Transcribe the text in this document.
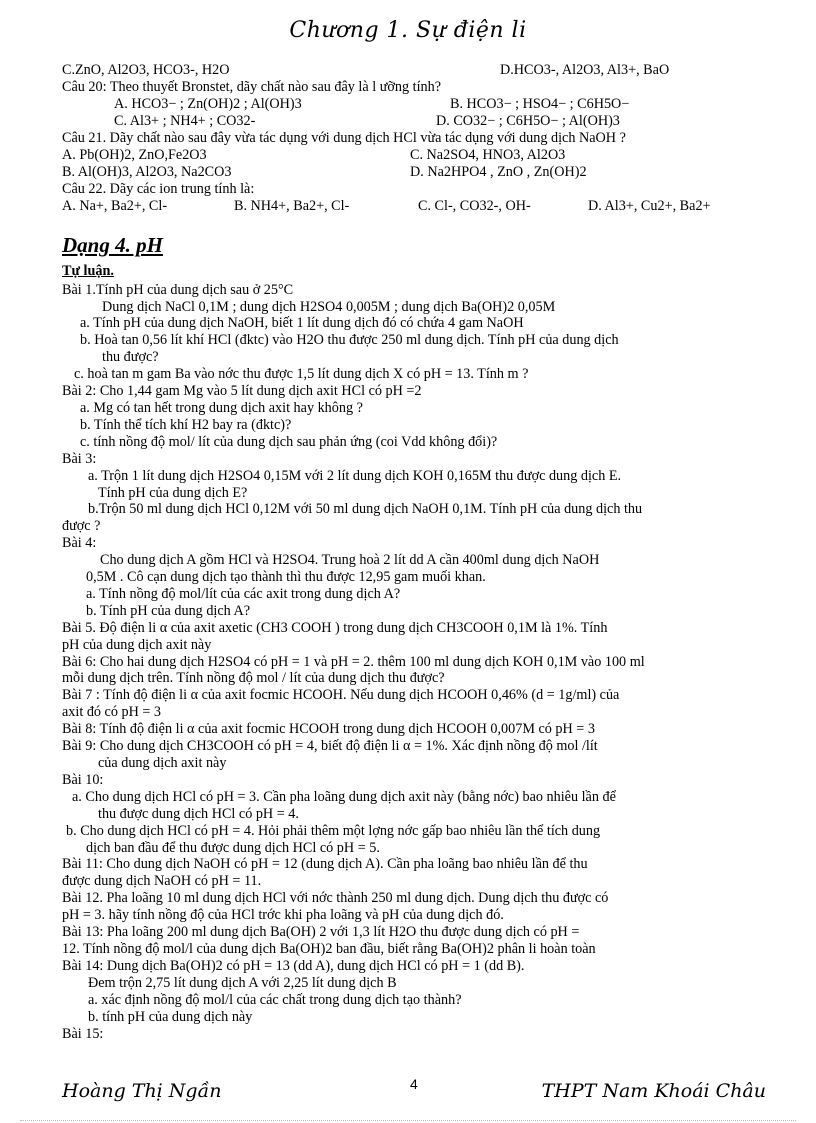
Chương 1. Sự điện li
C.ZnO, Al2O3, HCO3-, H2O	D.HCO3-, Al2O3, Al3+, BaO
Câu 20: Theo thuyết Bronstet, dãy chất nào sau đây là l ưỡng tính?
A. HCO3− ; Zn(OH)2 ; Al(OH)3	B. HCO3− ; HSO4− ; C6H5O−
C. Al3+ ; NH4+ ; CO32-	D. CO32− ; C6H5O− ; Al(OH)3
Câu 21. Dãy chất nào sau đây vừa tác dụng với dung dịch HCl vừa tác dụng với dung dịch NaOH ?
A. Pb(OH)2, ZnO,Fe2O3	C. Na2SO4, HNO3, Al2O3
B. Al(OH)3, Al2O3, Na2CO3	D. Na2HPO4 , ZnO , Zn(OH)2
Câu 22. Dãy các ion trung tính là:
A. Na+, Ba2+, Cl-	B. NH4+, Ba2+, Cl-	C. Cl-, CO32-, OH-	D. Al3+, Cu2+, Ba2+
Dạng 4. pH
Tự luận.
Bài 1.Tính pH của dung dịch sau ở 25°C
Dung dịch NaCl 0,1M ; dung dịch H2SO4 0,005M ; dung dịch Ba(OH)2 0,05M
a. Tính pH của dung dịch NaOH, biết 1 lít dung dịch đó có chứa 4 gam NaOH
b. Hoà tan 0,56 lít khí HCl (đktc) vào H2O thu được 250 ml dung dịch. Tính pH của dung dịch
thu được?
c. hoà tan m gam Ba vào nớc thu được 1,5 lít dung dịch X có pH = 13. Tính m ?
Bài 2: Cho 1,44 gam Mg vào 5 lít dung dịch axit HCl có pH =2
a. Mg có tan hết trong dung dịch axit hay không ?
b. Tính thể tích khí H2 bay ra (đktc)?
c. tính nồng độ mol/ lít của dung dịch sau phản ứng (coi Vdd không đổi)?
Bài 3:
a. Trộn 1 lít dung dịch H2SO4 0,15M với 2 lít dung dịch KOH 0,165M thu được dung dịch E.
Tính pH của dung dịch E?
b.Trộn 50 ml dung dịch HCl 0,12M với 50 ml dung dịch NaOH 0,1M. Tính pH của dung dịch thu
được ?
Bài 4:
Cho dung dịch A gồm HCl và H2SO4. Trung hoà 2 lít dd A cần 400ml dung dịch NaOH
0,5M . Cô cạn dung dịch tạo thành thì thu được 12,95 gam muối khan.
a. Tính nồng độ mol/lít của các axit trong dung dịch A?
b. Tính pH của dung dịch A?
Bài 5. Độ điện li α của axit axetic (CH3 COOH ) trong dung dịch CH3COOH 0,1M là 1%. Tính
pH của dung dịch axit này
Bài 6: Cho hai dung dịch H2SO4 có pH = 1 và pH = 2. thêm 100 ml dung dịch KOH 0,1M vào 100 ml
mỗi dung dịch trên. Tính nồng độ mol / lít của dung dịch thu được?
Bài 7 : Tính độ điện li α của axit focmic HCOOH. Nếu dung dịch HCOOH 0,46% (d = 1g/ml) của
axit đó có pH = 3
Bài 8: Tính độ điện li α của axit focmic HCOOH trong dung dịch HCOOH 0,007M có pH = 3
Bài 9: Cho dung dịch CH3COOH có pH = 4, biết độ điện li α = 1%. Xác định nồng độ mol /lít
của dung dịch axit này
Bài 10:
a. Cho dung dịch HCl có pH = 3. Cần pha loãng dung dịch axit này (bằng nớc) bao nhiêu lần để
thu được dung dịch HCl có pH = 4.
b. Cho dung dịch HCl có pH = 4. Hỏi phải thêm một lợng nớc gấp bao nhiêu lần thể tích dung
dịch ban đầu để thu được dung dịch HCl có pH = 5.
Bài 11: Cho dung dịch NaOH có pH = 12 (dung dịch A). Cần pha loãng bao nhiêu lần để thu
được dung dịch NaOH có pH = 11.
Bài 12. Pha loãng 10 ml dung dịch HCl với nớc thành 250 ml dung dịch. Dung dịch thu được có
pH = 3. hãy tính nồng độ của HCl trớc khi pha loãng và pH của dung dịch đó.
Bài 13: Pha loãng 200 ml dung dịch Ba(OH) 2 với 1,3 lít H2O thu được dung dịch có pH =
12. Tính nồng độ mol/l của dung dịch Ba(OH)2 ban đầu, biết rằng Ba(OH)2 phân li hoàn toàn
Bài 14: Dung dịch Ba(OH)2 có pH = 13 (dd A), dung dịch HCl có pH = 1 (dd B).
Đem trộn 2,75 lít dung dịch A với 2,25 lít dung dịch B
a. xác định nồng độ mol/l của các chất trong dung dịch tạo thành?
b. tính pH của dung dịch này
Bài 15:
Hoàng Thị Ngần	4	THPT Nam Khoái Châu
